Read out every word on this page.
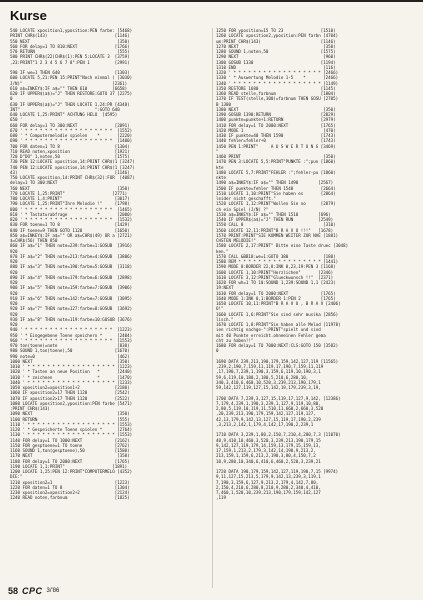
Kurse
540 LOCATE xposition1,yposition:PEN farbe: [5468)
PRINT CHR$(143)                           [1146)
550 NEXT                                   [350)
560 FOR delay=1 TO 810:NEXT               [1766)
570 RETURN                                 [555)
580 PRINT CHR$(22)CHR$(1):PEN 5:LOCATE 3  [3759)
,23:PRINT"1 2 3 4 5 6 7 8":PEN 1          [2991)
590 IF we=1 THEN 640                      [1303)
600 LOCATE 5,21:PEN 15:PRINT"Noch einmal ( [3030)
J/N)"                                    [2361)
610 a$=INKEY$:IF a$="" THEN 610          [6658)
620 IF UPPER$(a$)="J" THEN RESTORE:GOTO 37 [2275)
0
630 IF UPPER$(a$)="J" THEN LOCATE 1,24:PR [4348)
INT"                              ":GOTO 640
640 LOCATE 1,25:PRINT" ACHTUNG HELO  [4595)
650 '
660 FOR delay=1 TO 300:NEXT               [2091)
670 ' * * * * * * * * * * * * * * * * * *  [1552)
680 ' * Computermelodie spielen    *       [2220)
690 ' * * * * * * * * * * * * * * * * * *  [1400)
700 FOR daten=1 TO 8                      [1304)
710 READ noten,xposition                  [1921)
720 D"DO" 1,noten,50                      [1575)
730 PEN 12:LOCATE xposition,14:PRINT CHR$(1 [3247)
740 PEN 12:LOCATE xposition,14:PRINT CHR$(1 [3247)
43)                                       [1146)
750 LOCATE xposition,14:PRINT CHR$(32):FOR  [4087)
delay=1 TO 300:NEXT
760 NEXT                                   [350)
770 LOCATE 1,25:PRINT"                   [2771)
780 LOCATE 1,4:PRINT"                     [3017)
790 LOCATE 1,25:PRINT"Ihre Melodie !"     [1798)
800 ' * * * * * * * * * * * * * * * * * *  [1465)
810 ' * Tastaturabfrage            *       [2000)
820 ' * * * * * * * * * * * * * * * * * *  [1532)
830 FOR toene=1 TO 8                      [1429)
840 IF toene=9 THEN GOTO 1120             [1650)
850 a$=INKEY$:IF a$="" OR a$=CHR$(49) OR a [2721)
$=CHR$(56) THEN 850
860 IF a$="1" THEN note=239:farbe=1:GOSUB  [3916)
920
870 IF a$="2" THEN note=213:farbe=4:GOSUB  [3806)
920
880 IF a$="3" THEN note=190:farbe=5:GOSUB  [3118)
920
890 IF a$="4" THEN note=179:farbe=6:GOSUB  [2898)
920
900 IF a$="5" THEN note=159:farbe=7:GOSUB  [3906)
920
910 IF a$="6" THEN note=142:farbe=7:GOSUB  [3095)
920
920 IF a$="7" THEN note=127:farbe=8:GOSUB  [3692)
920
930 IF a$="8" THEN note=119:farbe=10:GOSUB [3676)
920
940 ' * * * * * * * * * * * * * * * * * *  [1223)
950 ' * Eingegebene Toene speichern *      [2404)
960 ' * * * * * * * * * * * * * * * * * *  [1553)
970 ton(toene)=note                        [830)
980 SOUND 1,ton(toene),50                 [1670)
990 note=0                                 [462)
1000 NEXT                                  [350)
1010 ' * * * * * * * * * * * * * * * * * * [1223)
1020 ' * Tasten an neue Position   *       [2440)
1030 ' * zeichnen                  *       [1470)
1040 ' * * * * * * * * * * * * * * * * * * [1233)
1050 xposition2=xposition1+2              [2180)
1060 IF xposition2=17 THEN 1120           [2542)
1070 IF xposition2>17 THEN 1120           [2522)
1080 LOCATE xposition2,yposition:PEN farbe [5471)
:PRINT CHR$(143)
1090 NEXT                                  [350)
1100 RETURN                                [555)
1110 ' * * * * * * * * * * * * * * * * * * [1553)
1120 ' * Gespeicherte Toene spielen *      [2764)
1130 ' * * * * * * * * * * * * * * * * * * [1553)
1140 FOR delay=1 TO 1000:NEXT             [2162)
1150 FOR gesptoene=1 TO toene             [2762)
1160 SOUND 1,ton(gesptoene),50            [1580)
1170 NEXT                                  [350)
1180 FOR delay=1 TO 2000:NEXT             [1765)
1190 LOCATE 1,1:PRINT"                   [1891)
1200 LOCATE 1,25:PEN 12:PRINT"COMPUTERMELO [4352)
DIE:"
1210 xposition2=1                         [1223)
1220 FOR daten=1 TO 8                     [1304)
1230 xposition2=xposition2+2              [2124)
1240 READ noten,farbnum                   [1825)
1250 FOR yposition=15 TO 23               [1510)
1260 LOCATE xposition2,yposition:PEN farbn [4704)
um:PRINT CHR$(143)                        [1146)
1270 NEXT                                  [350)
1280 SOUND 1,noten,50                     [1575)
1290 NEXT                                  [960)
1300 GOSUB 1330                           [1194)
1310 END                                   [116)
1320 ' * * * * * * * * * * * * * * * * * * [2466)
1330 ' * Auswertung Melodie 1-5    *       [2466)
1340 ' * * * * * * * * * * * * * * * * * * [1149)
1350 RESTORE 1680                         [1145)
1360 READ stelle,farbnum                  [1804)
1370 IF TEST(stelle,300)=farbnum THEN GOSU [2705)
B 1380
1380 NEXT                                  [350)
1390 GOSUB 1390:RETURN                    [2829)
1400 punkte=punkte+1:RETURN               [2979)
1410 FOR delay=1 TO 2000:NEXT             [1765)
1420 MODE 1                                [470)
1430 IF punkte=40 THEN 1590               [1743)
1440 fehler=fehler+0                      [1743)
1450 PEN 1:PRINT"     A U S W E R T U N G [3469)
"
1460 PRINT                                 [350)
1470 PEN 3:LOCATE 5,5:PRINT"PUNKTE :";pun [1860)
kte
1480 LOCATE 5,7:PRINT"FEHLER :";fehler-pu [1860)
nkte
1490 a$=INKEY$:IF a$="" THEN 1490        [2567)
1500 IF punkte=fehler THEN 1540           [2664)
1510 LOCATE 1,10:PRINT"Sie haben es       [2864)
leider nicht geschafft."
1520 LOCATE 1,12:PRINT"Wollen Sie no      [2879)
ch ein Spiel (J/N) ?"
1530 a$=INKEY$:IF a$="" THEN 1510        [696)
1540 IF UPPER$(a$)="J" THEN RUN          [2549)
1550 CALL 0                                [310)
1560 LOCATE 12,11:PRINT"B R A V O !!!"   [1678)
1570 PRINT:PRINT"SIE KOMMEN WEITER ZUR NAE [1881)
CHSTEN MELODIE!"
1580 LOCATE 2,17:PRINT" Bitte eine Taste druec [3048)
ken."
1570 CALL &BB18:we=1:GOTO 380              [180)
1580 REM * * * * * * * * * * * * * * * * * [1441)
1590 MODE 0:BORDER 22,8:INK 0,23,19:PEN 3 [1168)
1600 LOCATE 1,10:PRINT"Herzlichen"       [2346)
1610 LOCATE 3,12:PRINT"Glueckwunsch !!"  [2371)
1620 FOR wh=1 TO 10:SOUND 1,239:SOUND 1,1 [2423)
19:NEXT
1630 FOR delay=1 TO 2000:NEXT             [1765)
1640 MODE 1:INK 0,1:BORDER 1:PEN 2        [1765)
1650 LOCATE 10,11:PRINT"B R A V O , B R A V [2406)
O!"
1660 LOCATE 1,6:PRINT"Sie sind sehr musika [2856)
lisch."
1670 LOCATE 1,8:PRINT"Sie haben alle Melod [11978)
ien richtig nachge-":PRINT"spielt und sind
mit 40 Punkte erreicht.ohneeinen Fehler gema
cht zu haben!!"
1680 FOR delay=1 TO 7000:NEXT:CLS:GOTO 150 [3582)
0
1690 DATA 239,213,190,179,159,142,127,119 [11565)
,239,2,190,7,159,11,119,17,190,7,159,11,119
,17,190,7,239,1,190,3,159,6,119,10,190,3,1
59,6,119,10,180,2,180,5,210,6,280,10,
340,3,410,6,460,10,520,3,239,213,190,179,1
59,142,127,119,127,15,142,19,179,239,3,19,
1700 DATA 7,239,3,127,15,119,17,127,9,142, [12386)
7,179,4,239,1,190,3,239,1,127,9,119,10,80,
2,80,5,119,10,119,11,510,11,660,2,660,3,520
,20,239,213,190,179,159,142,127,119,127,
42,13,179,9,142,13,127,15,119,17,190,2,239
,3,213,2,142,1,179,4,142,17,190,2,239,1
1710 DATA 3,239,1,80,2,150,7,210,4,280,7,3 [11070)
40,9,410,10,460,3,520,3,239,213,190,179,15
9,142,127,119,179,14,159,13,179,15,159,13,
17,159,1,213,2,179,3,142,14,190,9,213,2,
213,159,1,159,6,213,2,190,3,80,4,150,7,2
10,9,280,10,340,6,410,6,460,2,520,3,239,21
1720 DATA 190,179,159,142,127,119,190,7,15 [9974)
9,11,127,15,213,5,179,9,142,13,239,3,119,1
7,190,3,159,6,127,9,213,2,179,4,142,7,80,
2,150,4,210,6,280,8,210,9,280,2,340,4,410,
7,460,1,520,10,239,213,190,179,159,142,127
,119
58 CPC 3/'86
